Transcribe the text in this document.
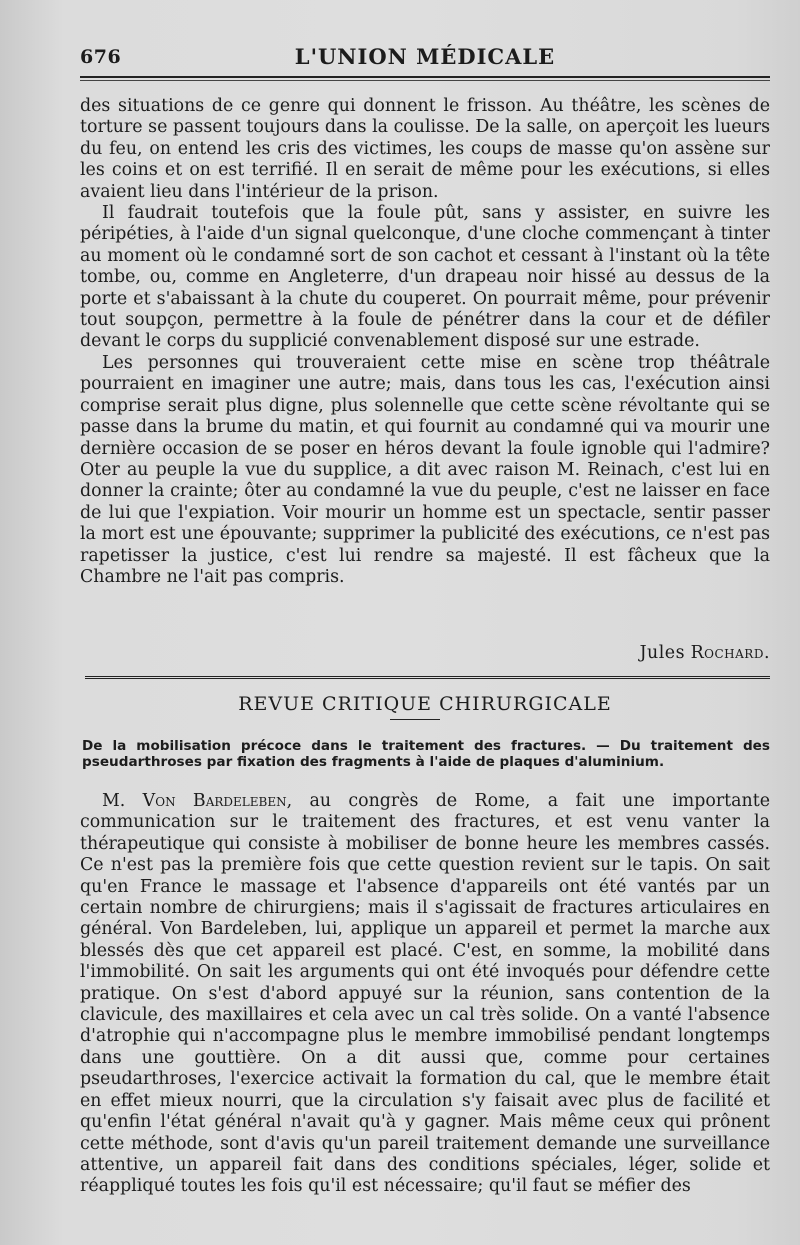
676	L'UNION MÉDICALE

des situations de ce genre qui donnent le frisson. Au théâtre, les scènes de torture se passent toujours dans la coulisse. De la salle, on aperçoit les lueurs du feu, on entend les cris des victimes, les coups de masse qu'on assène sur les coins et on est terrifié. Il en serait de même pour les exécutions, si elles avaient lieu dans l'intérieur de la prison.

Il faudrait toutefois que la foule pût, sans y assister, en suivre les péripéties, à l'aide d'un signal quelconque, d'une cloche commençant à tinter au moment où le condamné sort de son cachot et cessant à l'instant où la tête tombe, ou, comme en Angleterre, d'un drapeau noir hissé au dessus de la porte et s'abaissant à la chute du couperet. On pourrait même, pour prévenir tout soupçon, permettre à la foule de pénétrer dans la cour et de défiler devant le corps du supplicié convenablement disposé sur une estrade.

Les personnes qui trouveraient cette mise en scène trop théâtrale pourraient en imaginer une autre; mais, dans tous les cas, l'exécution ainsi comprise serait plus digne, plus solennelle que cette scène révoltante qui se passe dans la brume du matin, et qui fournit au condamné qui va mourir une dernière occasion de se poser en héros devant la foule ignoble qui l'admire? Oter au peuple la vue du supplice, a dit avec raison M. Reinach, c'est lui en donner la crainte; ôter au condamné la vue du peuple, c'est ne laisser en face de lui que l'expiation. Voir mourir un homme est un spectacle, sentir passer la mort est une épouvante; supprimer la publicité des exécutions, ce n'est pas rapetisser la justice, c'est lui rendre sa majesté. Il est fâcheux que la Chambre ne l'ait pas compris.

Jules Rochard.
REVUE CRITIQUE CHIRURGICALE
De la mobilisation précoce dans le traitement des fractures. — Du traitement des pseudarthroses par fixation des fragments à l'aide de plaques d'aluminium.

M. Von Bardeleben, au congrès de Rome, a fait une importante communication sur le traitement des fractures, et est venu vanter la thérapeutique qui consiste à mobiliser de bonne heure les membres cassés. Ce n'est pas la première fois que cette question revient sur le tapis. On sait qu'en France le massage et l'absence d'appareils ont été vantés par un certain nombre de chirurgiens; mais il s'agissait de fractures articulaires en général. Von Bardeleben, lui, applique un appareil et permet la marche aux blessés dès que cet appareil est placé. C'est, en somme, la mobilité dans l'immobilité. On sait les arguments qui ont été invoqués pour défendre cette pratique. On s'est d'abord appuyé sur la réunion, sans contention de la clavicule, des maxillaires et cela avec un cal très solide. On a vanté l'absence d'atrophie qui n'accompagne plus le membre immobilisé pendant longtemps dans une gouttière. On a dit aussi que, comme pour certaines pseudarthroses, l'exercice activait la formation du cal, que le membre était en effet mieux nourri, que la circulation s'y faisait avec plus de facilité et qu'enfin l'état général n'avait qu'à y gagner. Mais même ceux qui prônent cette méthode, sont d'avis qu'un pareil traitement demande une surveillance attentive, un appareil fait dans des conditions spéciales, léger, solide et réappliqué toutes les fois qu'il est nécessaire; qu'il faut se méfier des
